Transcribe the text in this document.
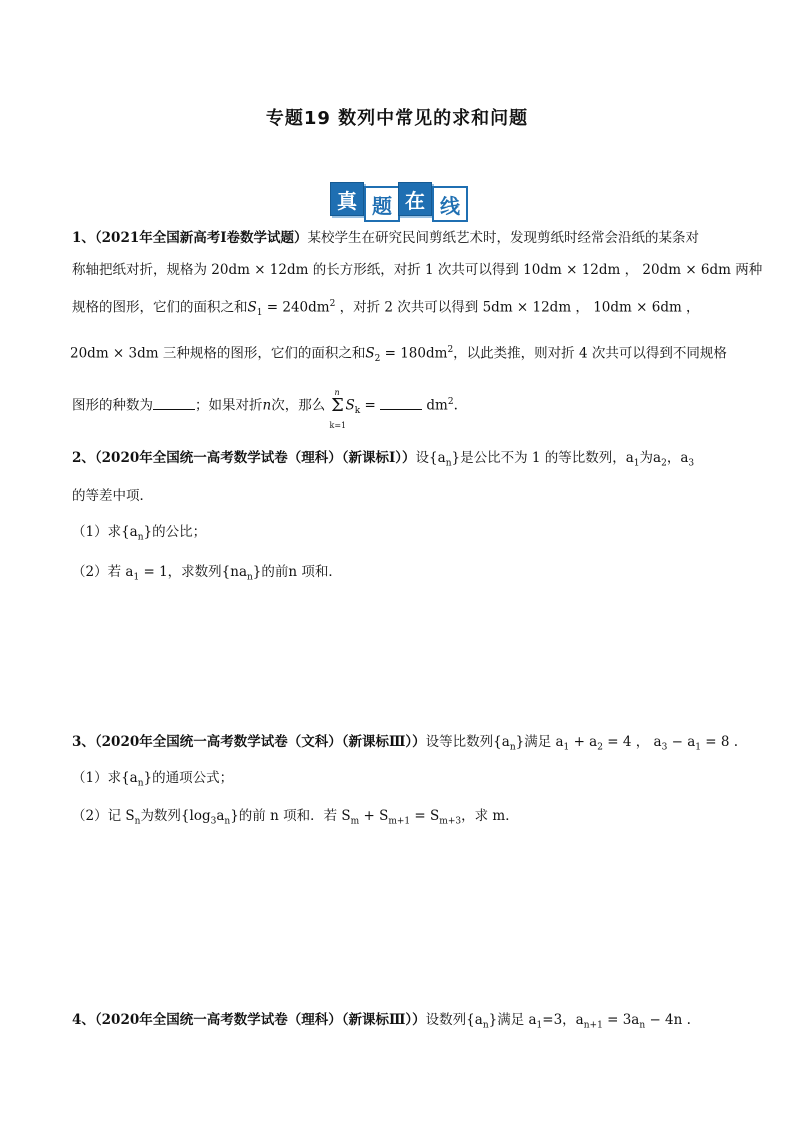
专题19 数列中常见的求和问题
真 题 在 线
1、（2021年全国新高考Ⅰ卷数学试题）某校学生在研究民间剪纸艺术时，发现剪纸时经常会沿纸的某条对
称轴把纸对折，规格为 20dm × 12dm 的长方形纸，对折 1 次共可以得到 10dm × 12dm ， 20dm × 6dm 两种
规格的图形，它们的面积之和$S_1 = 240dm^2$ ，对折 2 次共可以得到 5dm × 12dm ， 10dm × 6dm ，
20dm × 3dm 三种规格的图形，它们的面积之和$S_2 = 180dm^2$，以此类推，则对折 4 次共可以得到不同规格
图形的种数为	；如果对折n次，那么 Σ
n
k=1
$S_k$ =	$dm^2$.
2、（2020年全国统一高考数学试卷（理科）（新课标Ⅰ））设$\{a_n\}$是公比不为 1 的等比数列，$a_1$为$a_2$，$a_3$
的等差中项．
（1）求$\{a_n\}$的公比；
（2）若 $a_1 = 1$，求数列$\{na_n\}$的前n 项和．
3、（2020年全国统一高考数学试卷（文科）（新课标Ⅲ））设等比数列$\{a_n\}$满足 $a_1 + a_2 = 4$ ， $a_3 - a_1 = 8$ .
（1）求$\{a_n\}$的通项公式；
（2）记 $S_n$为数列$\{\log_3a_n\}$的前 n 项和．若 $S_m + S_{m+1} = S_{m+3}$，求 m．
4、（2020年全国统一高考数学试卷（理科）（新课标Ⅲ））设数列$\{a_n\}$满足 $a_1=3$，$a_{n+1} = 3a_n - 4n$ .
